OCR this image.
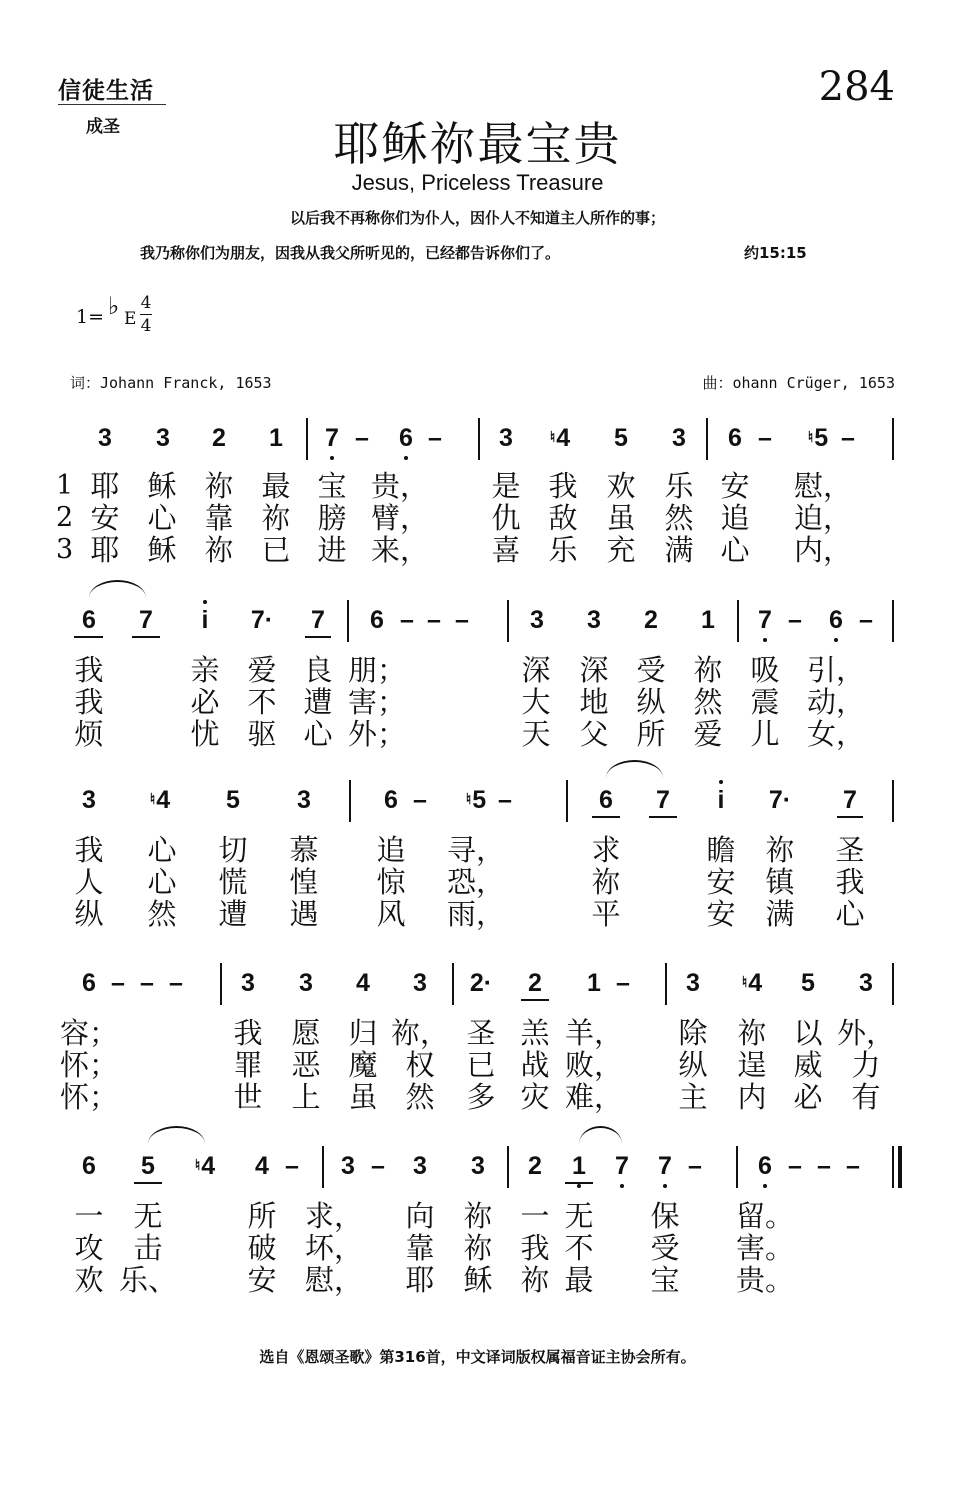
信徒生活
成圣
284
耶稣祢最宝贵
Jesus, Priceless Treasure
以后我不再称你们为仆人，因仆人不知道主人所作的事；
我乃称你们为朋友，因我从我父所听见的，已经都告诉你们了。	约15:15
1= ♭ E
4
4
词：Johann Franck, 1653	曲：ohann Crüger, 1653
3 3 2 1 7 – 6 – 3 ♮4 5 3 6 – ♮5 –
1 耶 稣 祢 最 宝 贵， 是 我 欢 乐 安 慰，
2 安 心 靠 祢 膀 臂， 仇 敌 虽 然 追 迫，
3 耶 稣 祢 已 进 来， 喜 乐 充 满 心 内，
6 7 i 7· 7 6 – – – 3 3 2 1 7 – 6 –
我	亲 爱 良 朋；	深 深 受 祢 吸 引，
我	必 不 遭 害；	大 地 纵 然 震 动，
烦	忧 驱 心 外；	天 父 所 爱 儿 女，
3	♮4 5 3	6 –	♮5 –	6 7 i 7· 7
我 心 切 慕 追 寻，	求	瞻 祢 圣
人 心 慌 惶 惊 恐，	祢	安 镇 我
纵 然 遭 遇 风 雨，	平	安 满 心
6 – – – 3 3 4 3 2· 2 1 – 3	♮4 5 3
容；	我 愿 归 祢， 圣 羔 羊， 除 祢 以 外，
怀；	罪 恶 魔 权 已 战 败， 纵 逞 威 力
怀；	世 上 虽 然 多 灾 难， 主 内 必 有
6 5	♮4 4 – 3 – 3 3 2 1 7 7 – 6 – – –
一 无	所 求， 向 祢 一 无 保 留。
攻 击	破 坏， 靠 祢 我 不 受 害。
欢 乐、 安 慰， 耶 稣 祢 最 宝 贵。
选自《恩颂圣歌》第316首，中文译词版权属福音证主协会所有。
